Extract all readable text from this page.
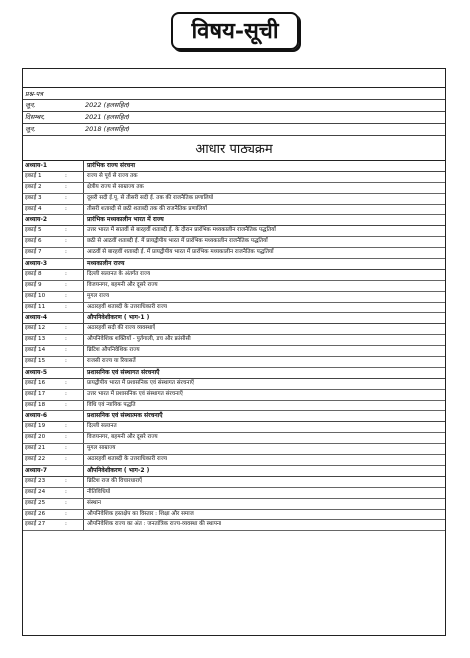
विषय-सूची
प्रश्न-पत्र
जून,	2022 (हलसहित)
दिसम्बर,	2021 (हलसहित)
जून,	2018 (हलसहित)
आधार पाठ्यक्रम
अध्याय-1	प्रारंभिक राज्य संरचना
इकाई 1	:	राज्य से पूर्व से राज्य तक
इकाई 2	:	क्षेत्रीय राज्य से साम्राज्य तक
इकाई 3	:	दूसरी सदी ई.पू. से तीसरी सदी ई. तक की राजनैतिक प्रणालियाँ
इकाई 4	:	तीसरी शताब्दी से छठी शताब्दी तक की राजनैतिक प्रणालियाँ
अध्याय-2	प्रारंभिक मध्यकालीन भारत में राज्य
इकाई 5	:	उत्तर भारत में सातवीं से बारहवीं शताब्दी ई. के दौरान प्रारंभिक मध्यकालीन राजनैतिक पद्धतियाँ
इकाई 6	:	छठी से आठवीं शताब्दी ई. में प्रायद्वीपीय भारत में प्रारंभिक मध्यकालीन राजनैतिक पद्धतियाँ
इकाई 7	:	आठवीं से बारहवीं शताब्दी ई. में प्रायद्वीपीय भारत में प्रारंभिक मध्यकालीन राजनैतिक पद्धतियाँ
अध्याय-3	मध्यकालीन राज्य
इकाई 8	:	दिल्ली सल्तनत के अंतर्गत राज्य
इकाई 9	:	विजयनगर, बहमनी और दूसरे राज्य
इकाई 10	:	मुगल राज्य
इकाई 11	:	अठारहवीं शताब्दी के उत्तराधिकारी राज्य
अध्याय-4	औपनिवेशीकरण ( भाग-1 )
इकाई 12	:	अठारहवीं सदी की राज्य व्यवस्थाएँ
इकाई 13	:	औपनिवेशिक शक्तियाँ - पुर्तगाली, डच और फ्रांसीसी
इकाई 14	:	ब्रिटिश औपनिवेशिक राज्य
इकाई 15	:	राजसी राज्य या रियासतें
अध्याय-5	प्रशासनिक एवं संस्थागत संरचनाएँ
इकाई 16	:	प्रायद्वीपीय भारत में प्रशासनिक एवं संस्थागत संरचनाएँ
इकाई 17	:	उत्तर भारत में प्रशासनिक एवं संस्थागत संरचनाएँ
इकाई 18	:	विधि एवं न्यायिक पद्धति
अध्याय-6	प्रशासनिक एवं संस्थात्मक संरचनाएँ
इकाई 19	:	दिल्ली सल्तनत
इकाई 20	:	विजयनगर, बहमनी और दूसरे राज्य
इकाई 21	:	मुगल साम्राज्य
इकाई 22	:	अठारहवीं शताब्दी के उत्तराधिकारी राज्य
अध्याय-7	औपनिवेशीकरण ( भाग-2 )
इकाई 23	:	ब्रिटिश राज की विचारधाराएँ
इकाई 24	:	नीतिविधियाँ
इकाई 25	:	संस्थान
इकाई 26	:	औपनिवेशिक हस्तक्षेप का विस्तार : शिक्षा और समाज
इकाई 27	:	औपनिवेशिक राज्य का अंत : जनतांत्रिक राज्य-व्यवस्था की स्थापना
